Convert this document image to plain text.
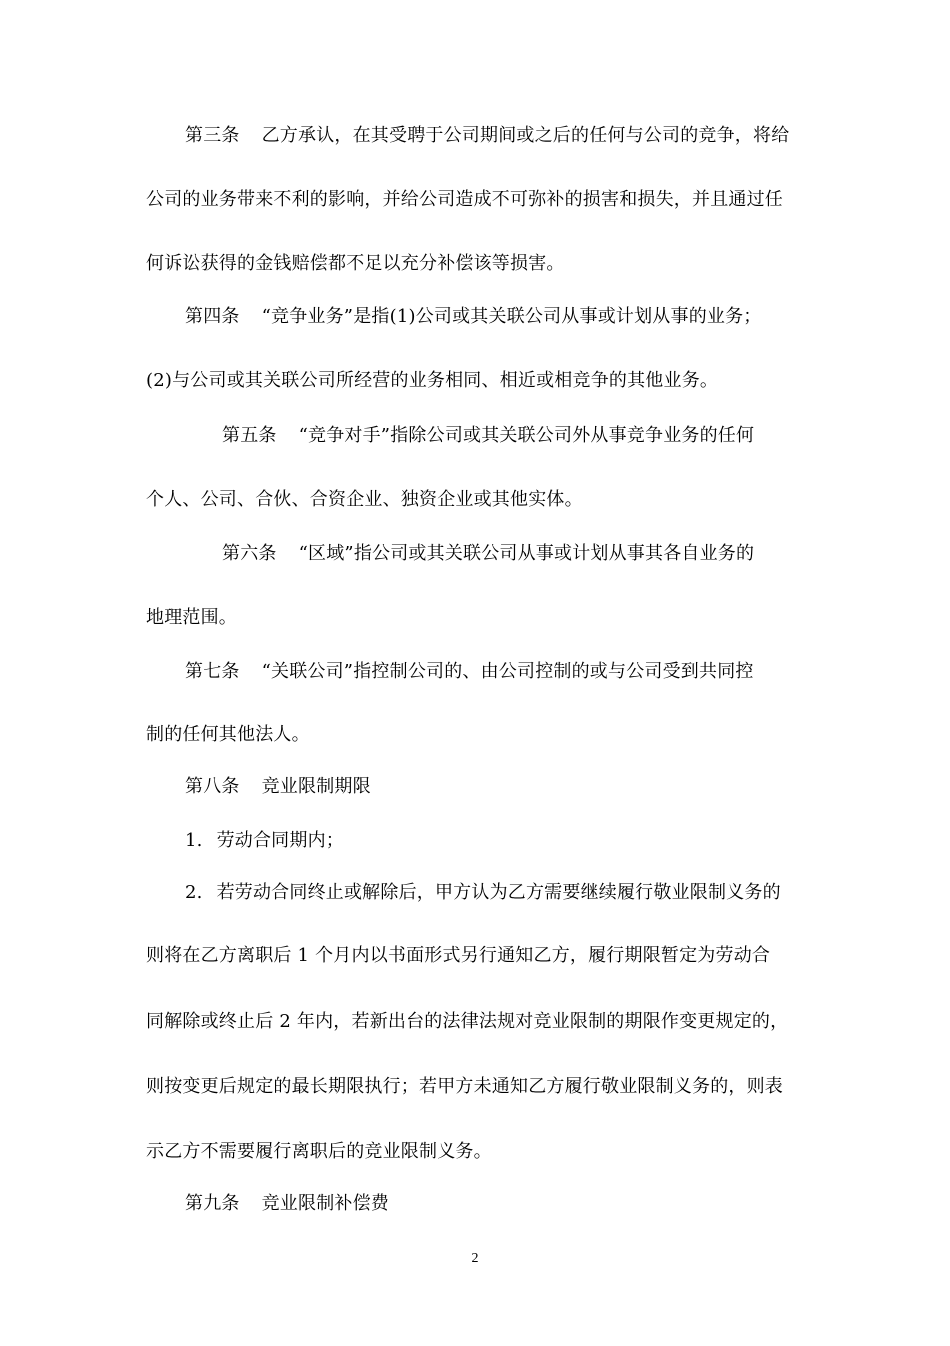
第三条 乙方承认，在其受聘于公司期间或之后的任何与公司的竞争，将给
公司的业务带来不利的影响，并给公司造成不可弥补的损害和损失，并且通过任
何诉讼获得的金钱赔偿都不足以充分补偿该等损害。
第四条 “竞争业务”是指(1)公司或其关联公司从事或计划从事的业务；
(2)与公司或其关联公司所经营的业务相同、相近或相竞争的其他业务。
第五条 “竞争对手”指除公司或其关联公司外从事竞争业务的任何
个人、公司、合伙、合资企业、独资企业或其他实体。
第六条 “区域”指公司或其关联公司从事或计划从事其各自业务的
地理范围。
第七条 “关联公司”指控制公司的、由公司控制的或与公司受到共同控
制的任何其他法人。
第八条 竞业限制期限
1. 劳动合同期内；
2. 若劳动合同终止或解除后，甲方认为乙方需要继续履行敬业限制义务的
则将在乙方离职后 1 个月内以书面形式另行通知乙方，履行期限暂定为劳动合
同解除或终止后 2 年内，若新出台的法律法规对竞业限制的期限作变更规定的，
则按变更后规定的最长期限执行；若甲方未通知乙方履行敬业限制义务的，则表
示乙方不需要履行离职后的竞业限制义务。
第九条 竞业限制补偿费
2
